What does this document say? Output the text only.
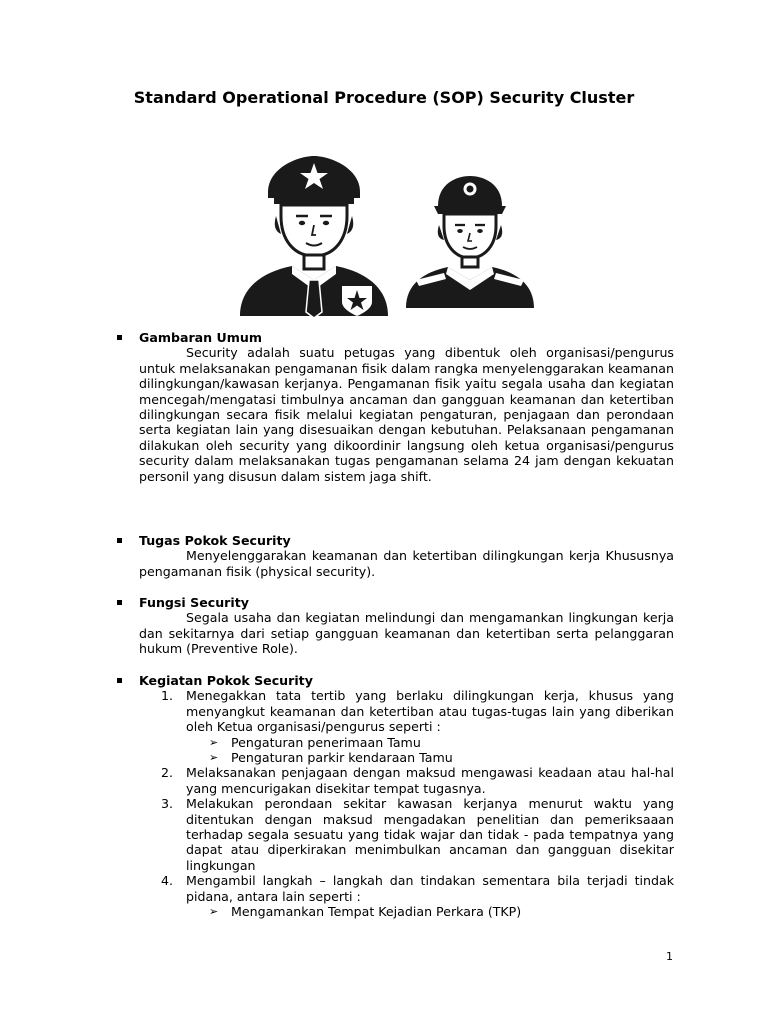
Standard Operational Procedure (SOP) Security Cluster

Gambaran Umum

Security adalah suatu petugas yang dibentuk oleh organisasi/pengurus untuk melaksanakan pengamanan fisik dalam rangka menyelenggarakan keamanan dilingkungan/kawasan kerjanya. Pengamanan fisik yaitu segala usaha dan kegiatan mencegah/mengatasi timbulnya ancaman dan gangguan keamanan dan ketertiban dilingkungan secara fisik melalui kegiatan pengaturan, penjagaan dan perondaan serta kegiatan lain yang disesuaikan dengan kebutuhan. Pelaksanaan pengamanan dilakukan oleh security yang dikoordinir langsung oleh ketua organisasi/pengurus security dalam melaksanakan tugas pengamanan selama 24 jam dengan kekuatan personil yang disusun dalam sistem jaga shift.

Tugas Pokok Security

Menyelenggarakan keamanan dan ketertiban dilingkungan kerja Khususnya pengamanan fisik (physical security).

Fungsi Security

Segala usaha dan kegiatan melindungi dan mengamankan lingkungan kerja dan sekitarnya dari setiap gangguan keamanan dan ketertiban serta pelanggaran hukum (Preventive Role).

Kegiatan Pokok Security

1. Menegakkan tata tertib yang berlaku dilingkungan kerja, khusus yang menyangkut keamanan dan ketertiban atau tugas-tugas lain yang diberikan oleh Ketua organisasi/pengurus seperti :

➢ Pengaturan penerimaan Tamu
➢ Pengaturan parkir kendaraan Tamu
2. Melaksanakan penjagaan dengan maksud mengawasi keadaan atau hal-hal yang mencurigakan disekitar tempat tugasnya.

3. Melakukan perondaan sekitar kawasan kerjanya menurut waktu yang ditentukan dengan maksud mengadakan penelitian dan pemeriksaaan terhadap segala sesuatu yang tidak wajar dan tidak - pada tempatnya yang dapat atau diperkirakan menimbulkan ancaman dan gangguan disekitar lingkungan

4. Mengambil langkah – langkah dan tindakan sementara bila terjadi tindak pidana, antara lain seperti :

➢ Mengamankan Tempat Kejadian Perkara (TKP)
1
